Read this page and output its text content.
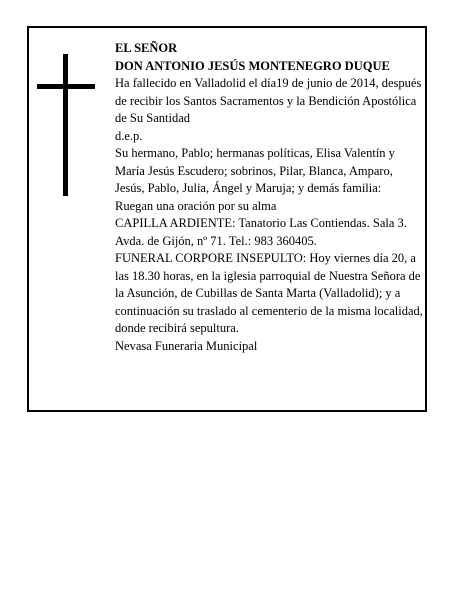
EL SEÑOR

DON ANTONIO JESÚS MONTENEGRO DUQUE

Ha fallecido en Valladolid el día19 de junio de 2014, después de recibir los Santos Sacramentos y la Bendición Apostólica de Su Santidad

d.e.p.

Su hermano, Pablo; hermanas políticas, Elisa Valentín y María Jesús Escudero; sobrinos, Pilar, Blanca, Amparo, Jesús, Pablo, Julia, Ángel y Maruja; y demás familia:

Ruegan una oración por su alma

CAPILLA ARDIENTE: Tanatorio Las Contiendas. Sala 3. Avda. de Gijón, nº 71. Tel.: 983 360405.

FUNERAL CORPORE INSEPULTO: Hoy viernes día 20, a las 18.30 horas, en la iglesia parroquial de Nuestra Señora de la Asunción, de Cubillas de Santa Marta (Valladolid); y a continuación su traslado al cementerio de la misma localidad, donde recibirá sepultura.

Nevasa Funeraria Municipal
